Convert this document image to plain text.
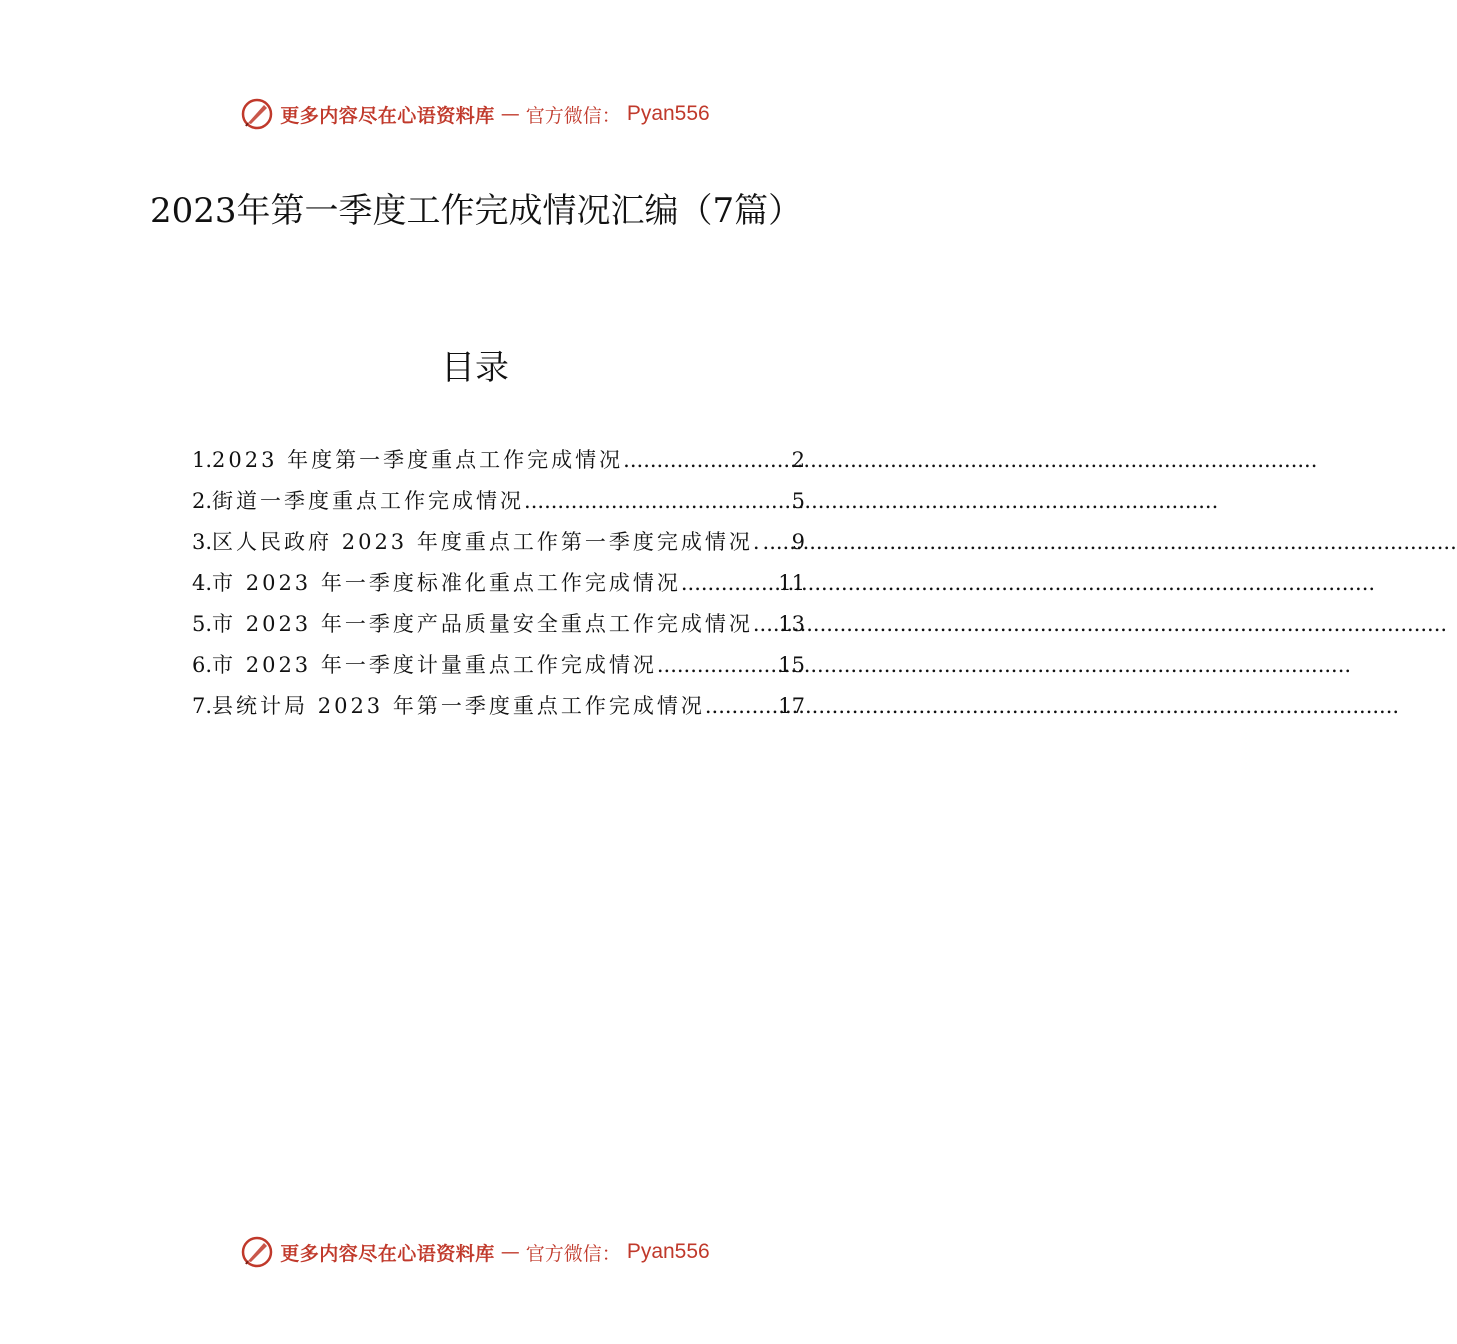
更多内容尽在心语资料库 — 官方微信： Pyan556
2023年第一季度工作完成情况汇编（7篇）
目录
1. 2023 年度第一季度重点工作完成情况 .....	2
2. 街道一季度重点工作完成情况 .....	5
3. 区人民政府 2023 年度重点工作第一季度完成情况. ..... 9
4. 市 2023 年一季度标准化重点工作完成情况 .....	11
5. 市 2023 年一季度产品质量安全重点工作完成情况 ..... 13
6. 市 2023 年一季度计量重点工作完成情况 .....	15
7. 县统计局 2023 年第一季度重点工作完成情况 .....	17
更多内容尽在心语资料库 — 官方微信： Pyan556
